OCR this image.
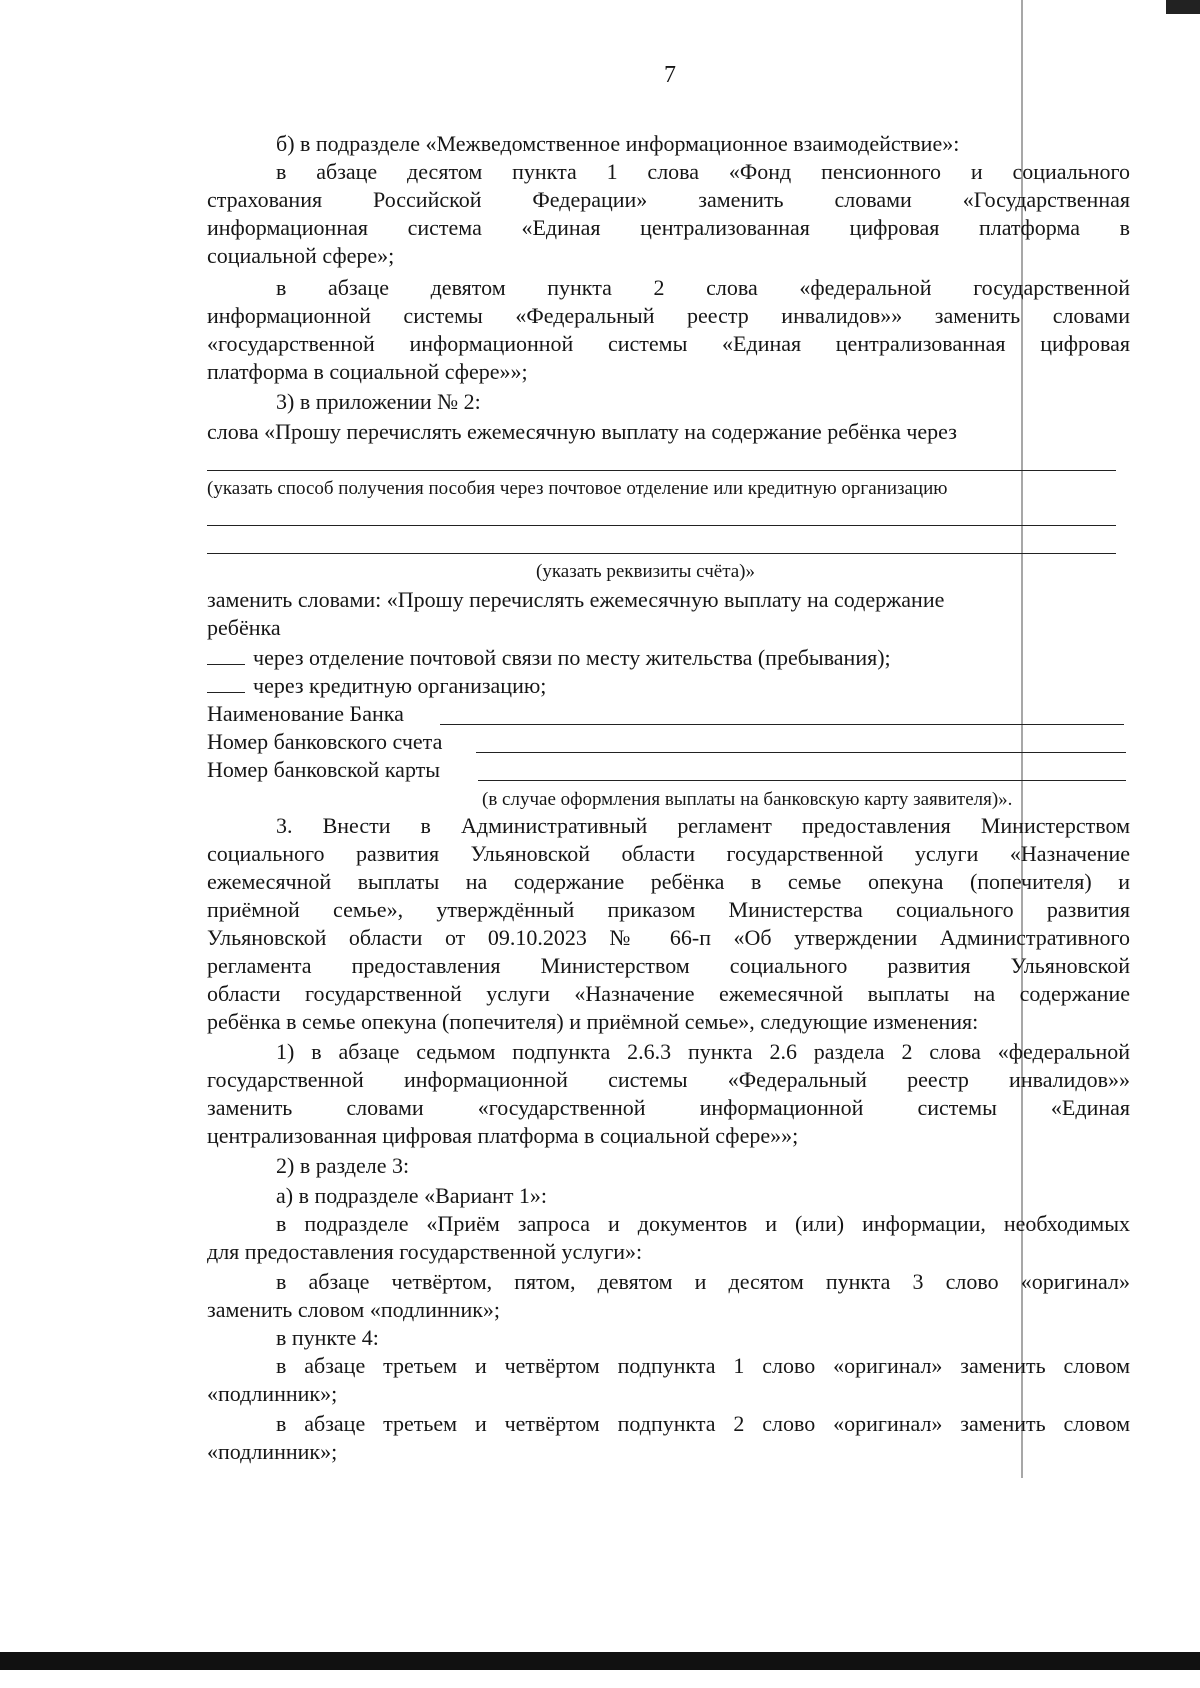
7
б) в подразделе «Межведомственное информационное взаимодействие»:
в абзаце десятом пункта 1 слова «Фонд пенсионного и социального
страхования Российской Федерации» заменить словами «Государственная
информационная система «Единая централизованная цифровая платформа в
социальной сфере»;
в абзаце девятом пункта 2 слова «федеральной государственной
информационной системы «Федеральный реестр инвалидов»» заменить словами
«государственной информационной системы «Единая централизованная цифровая
платформа в социальной сфере»»;
3) в приложении № 2:
слова «Прошу перечислять ежемесячную выплату на содержание ребёнка через
(указать способ получения пособия через почтовое отделение или кредитную организацию
(указать реквизиты счёта)»
заменить словами: «Прошу перечислять ежемесячную выплату на содержание
ребёнка
через отделение почтовой связи по месту жительства (пребывания);
через кредитную организацию;
Наименование Банка
Номер банковского счета
Номер банковской карты
(в случае оформления выплаты на банковскую карту заявителя)».
3. Внести в Административный регламент предоставления Министерством
социального развития Ульяновской области государственной услуги «Назначение
ежемесячной выплаты на содержание ребёнка в семье опекуна (попечителя) и
приёмной семье», утверждённый приказом Министерства социального развития
Ульяновской области от 09.10.2023 № 66-п «Об утверждении Административного
регламента предоставления Министерством социального развития Ульяновской
области государственной услуги «Назначение ежемесячной выплаты на содержание
ребёнка в семье опекуна (попечителя) и приёмной семье», следующие изменения:
1) в абзаце седьмом подпункта 2.6.3 пункта 2.6 раздела 2 слова «федеральной
государственной информационной системы «Федеральный реестр инвалидов»»
заменить словами «государственной информационной системы «Единая
централизованная цифровая платформа в социальной сфере»»;
2) в разделе 3:
а) в подразделе «Вариант 1»:
в подразделе «Приём запроса и документов и (или) информации, необходимых
для предоставления государственной услуги»:
в абзаце четвёртом, пятом, девятом и десятом пункта 3 слово «оригинал»
заменить словом «подлинник»;
в пункте 4:
в абзаце третьем и четвёртом подпункта 1 слово «оригинал» заменить словом
«подлинник»;
в абзаце третьем и четвёртом подпункта 2 слово «оригинал» заменить словом
«подлинник»;
